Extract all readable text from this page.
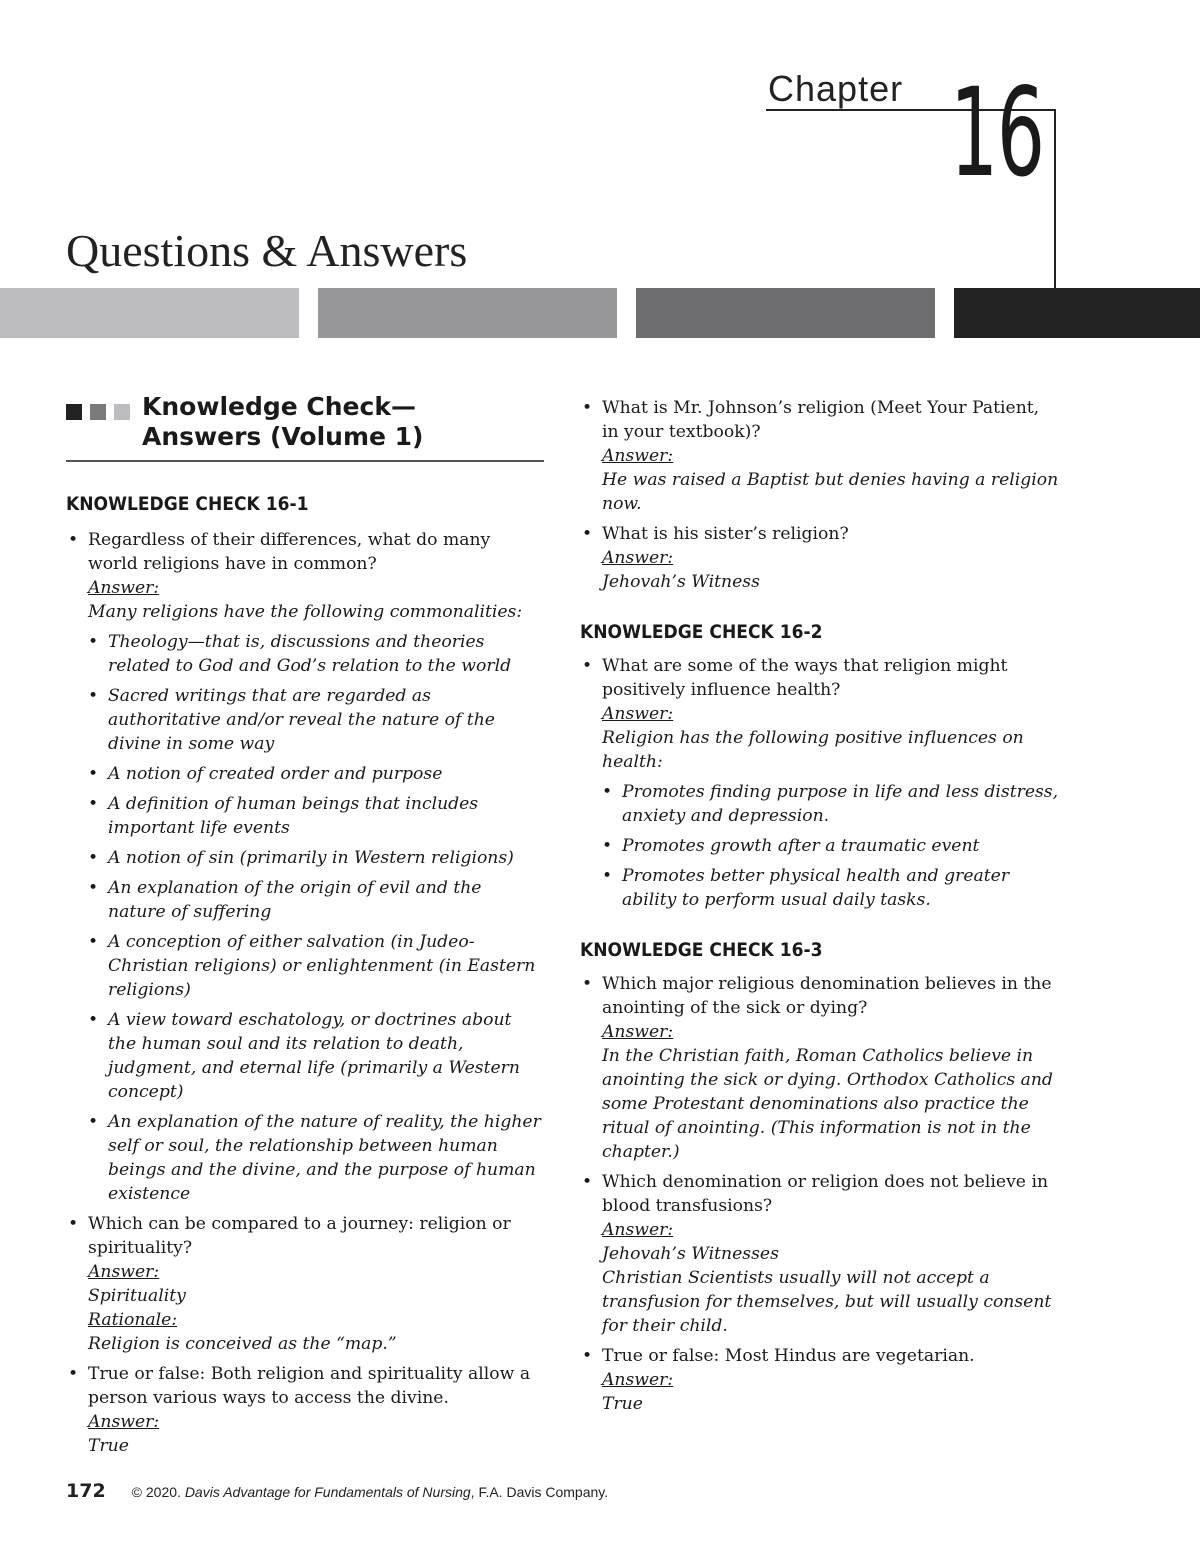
Chapter 16
Questions & Answers
Knowledge Check—
Answers (Volume 1)
KNOWLEDGE CHECK 16-1
• Regardless of their differences, what do many world religions have in common?
Answer:
Many religions have the following commonalities:
• Theology—that is, discussions and theories related to God and God’s relation to the world
• Sacred writings that are regarded as authoritative and/or reveal the nature of the divine in some way
• A notion of created order and purpose
• A definition of human beings that includes important life events
• A notion of sin (primarily in Western religions)
• An explanation of the origin of evil and the nature of suffering
• A conception of either salvation (in Judeo-Christian religions) or enlightenment (in Eastern religions)
• A view toward eschatology, or doctrines about the human soul and its relation to death, judgment, and eternal life (primarily a Western concept)
• An explanation of the nature of reality, the higher self or soul, the relationship between human beings and the divine, and the purpose of human existence
• Which can be compared to a journey: religion or spirituality?
Answer:
Spirituality
Rationale:
Religion is conceived as the “map.”
• True or false: Both religion and spirituality allow a person various ways to access the divine.
Answer:
True
• What is Mr. Johnson’s religion (Meet Your Patient, in your textbook)?
Answer:
He was raised a Baptist but denies having a religion now.
• What is his sister’s religion?
Answer:
Jehovah’s Witness
KNOWLEDGE CHECK 16-2
• What are some of the ways that religion might positively influence health?
Answer:
Religion has the following positive influences on health:
• Promotes finding purpose in life and less distress, anxiety and depression.
• Promotes growth after a traumatic event
• Promotes better physical health and greater ability to perform usual daily tasks.
KNOWLEDGE CHECK 16-3
• Which major religious denomination believes in the anointing of the sick or dying?
Answer:
In the Christian faith, Roman Catholics believe in anointing the sick or dying. Orthodox Catholics and some Protestant denominations also practice the ritual of anointing. (This information is not in the chapter.)
• Which denomination or religion does not believe in blood transfusions?
Answer:
Jehovah’s Witnesses
Christian Scientists usually will not accept a transfusion for themselves, but will usually consent for their child.
• True or false: Most Hindus are vegetarian.
Answer:
True
172 © 2020. Davis Advantage for Fundamentals of Nursing, F.A. Davis Company.
